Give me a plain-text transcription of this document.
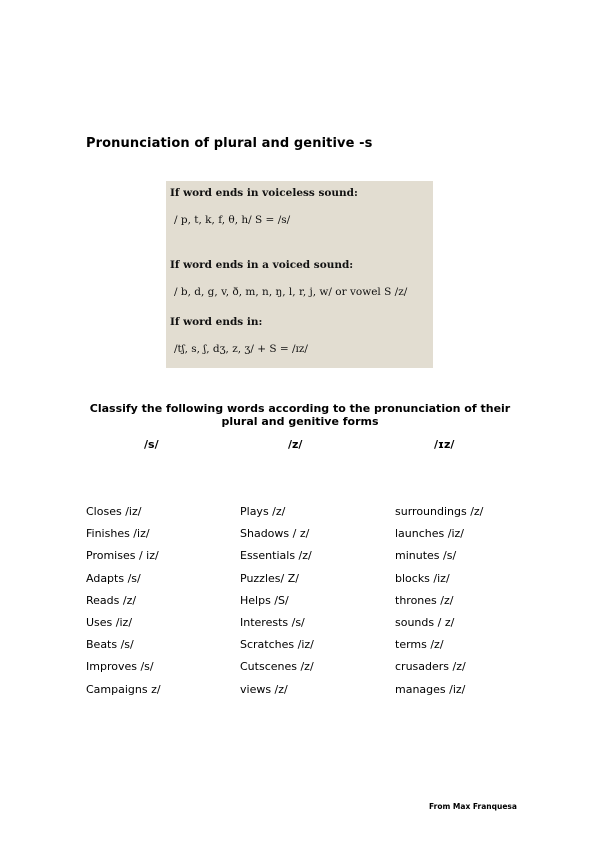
Pronunciation of plural and genitive -s
If word ends in voiceless sound:
/ p, t, k, f, θ, h/ S = /s/
If word ends in a voiced sound:
/ b, d, g, v, ð, m, n, ŋ, l, r, j, w/ or vowel S /z/
If word ends in:
/tʃ, s, ʃ, dʒ, z, ʒ/ + S = /ɪz/
Classify the following words according to the pronunciation of their plural and genitive forms
/s/	/z/	/ɪz/
Closes /iz/
Finishes /iz/
Promises / iz/
Adapts /s/
Reads /z/
Uses /iz/
Beats /s/
Improves /s/
Campaigns z/
Plays /z/
Shadows / z/
Essentials /z/
Puzzles/ Z/
Helps /S/
Interests /s/
Scratches /iz/
Cutscenes /z/
views /z/
surroundings /z/
launches /iz/
minutes /s/
blocks /iz/
thrones /z/
sounds / z/
terms /z/
crusaders /z/
manages /iz/
From Max Franquesa
